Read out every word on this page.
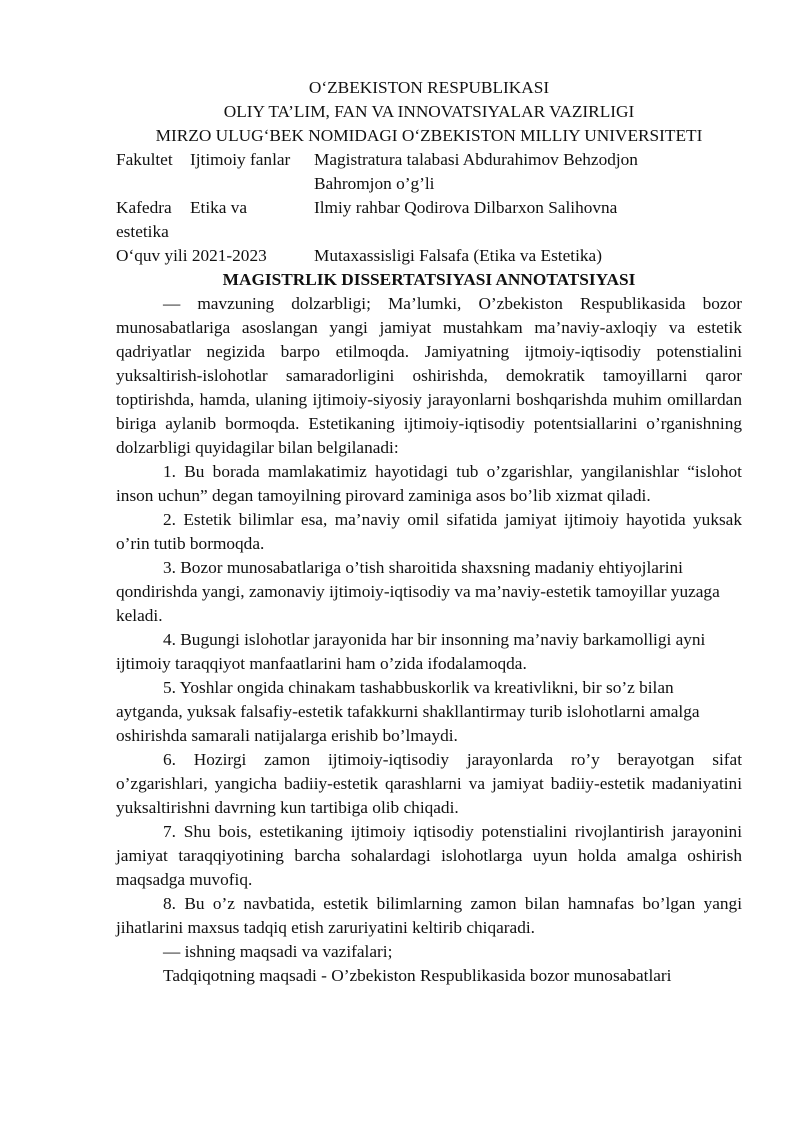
O‘ZBEKISTON RESPUBLIKASI
OLIY TA’LIM, FAN VA INNOVATSIYALAR VAZIRLIGI
MIRZO ULUG‘BEK NOMIDAGI O‘ZBEKISTON MILLIY UNIVERSITETI
Fakultet Ijtimoiy fanlar Magistratura talabasi Abdurahimov Behzodjon
Bahromjon o’g’li
Kafedra Etika va	Ilmiy rahbar Qodirova Dilbarxon Salihovna
estetika
O‘quv yili 2021-2023	Mutaxassisligi Falsafa (Etika va Estetika)
MAGISTRLIK DISSERTATSIYASI ANNOTATSIYASI

— mavzuning dolzarbligi; Ma’lumki, O’zbekiston Respublikasida bozor munosabatlariga asoslangan yangi jamiyat mustahkam ma’naviy-axloqiy va estetik qadriyatlar negizida barpo etilmoqda. Jamiyatning ijtmoiy-iqtisodiy potenstialini yuksaltirish-islohotlar samaradorligini oshirishda, demokratik tamoyillarni qaror toptirishda, hamda, ulaning ijtimoiy-siyosiy jarayonlarni boshqarishda muhim omillardan biriga aylanib bormoqda. Estetikaning ijtimoiy-iqtisodiy potentsiallarini o’rganishning dolzarbligi quyidagilar bilan belgilanadi:

1. Bu borada mamlakatimiz hayotidagi tub o’zgarishlar, yangilanishlar “islohot inson uchun” degan tamoyilning pirovard zaminiga asos bo’lib xizmat qiladi.

2. Estetik bilimlar esa, ma’naviy omil sifatida jamiyat ijtimoiy hayotida yuksak o’rin tutib bormoqda.

3. Bozor munosabatlariga o’tish sharoitida shaxsning madaniy ehtiyojlarini qondirishda yangi, zamonaviy ijtimoiy-iqtisodiy va ma’naviy-estetik tamoyillar yuzaga keladi.

4. Bugungi islohotlar jarayonida har bir insonning ma’naviy barkamolligi ayni ijtimoiy taraqqiyot manfaatlarini ham o’zida ifodalamoqda.

5. Yoshlar ongida chinakam tashabbuskorlik va kreativlikni, bir so’z bilan aytganda, yuksak falsafiy-estetik tafakkurni shakllantirmay turib islohotlarni amalga oshirishda samarali natijalarga erishib bo’lmaydi.

6. Hozirgi zamon ijtimoiy-iqtisodiy jarayonlarda ro’y berayotgan sifat o’zgarishlari, yangicha badiiy-estetik qarashlarni va jamiyat badiiy-estetik madaniyatini yuksaltirishni davrning kun tartibiga olib chiqadi.

7. Shu bois, estetikaning ijtimoiy iqtisodiy potenstialini rivojlantirish jarayonini jamiyat taraqqiyotining barcha sohalardagi islohotlarga uyun holda amalga oshirish maqsadga muvofiq.

8. Bu o’z navbatida, estetik bilimlarning zamon bilan hamnafas bo’lgan yangi jihatlarini maxsus tadqiq etish zaruriyatini keltirib chiqaradi.

— ishning maqsadi va vazifalari;

Tadqiqotning maqsadi - O’zbekiston Respublikasida bozor munosabatlari
